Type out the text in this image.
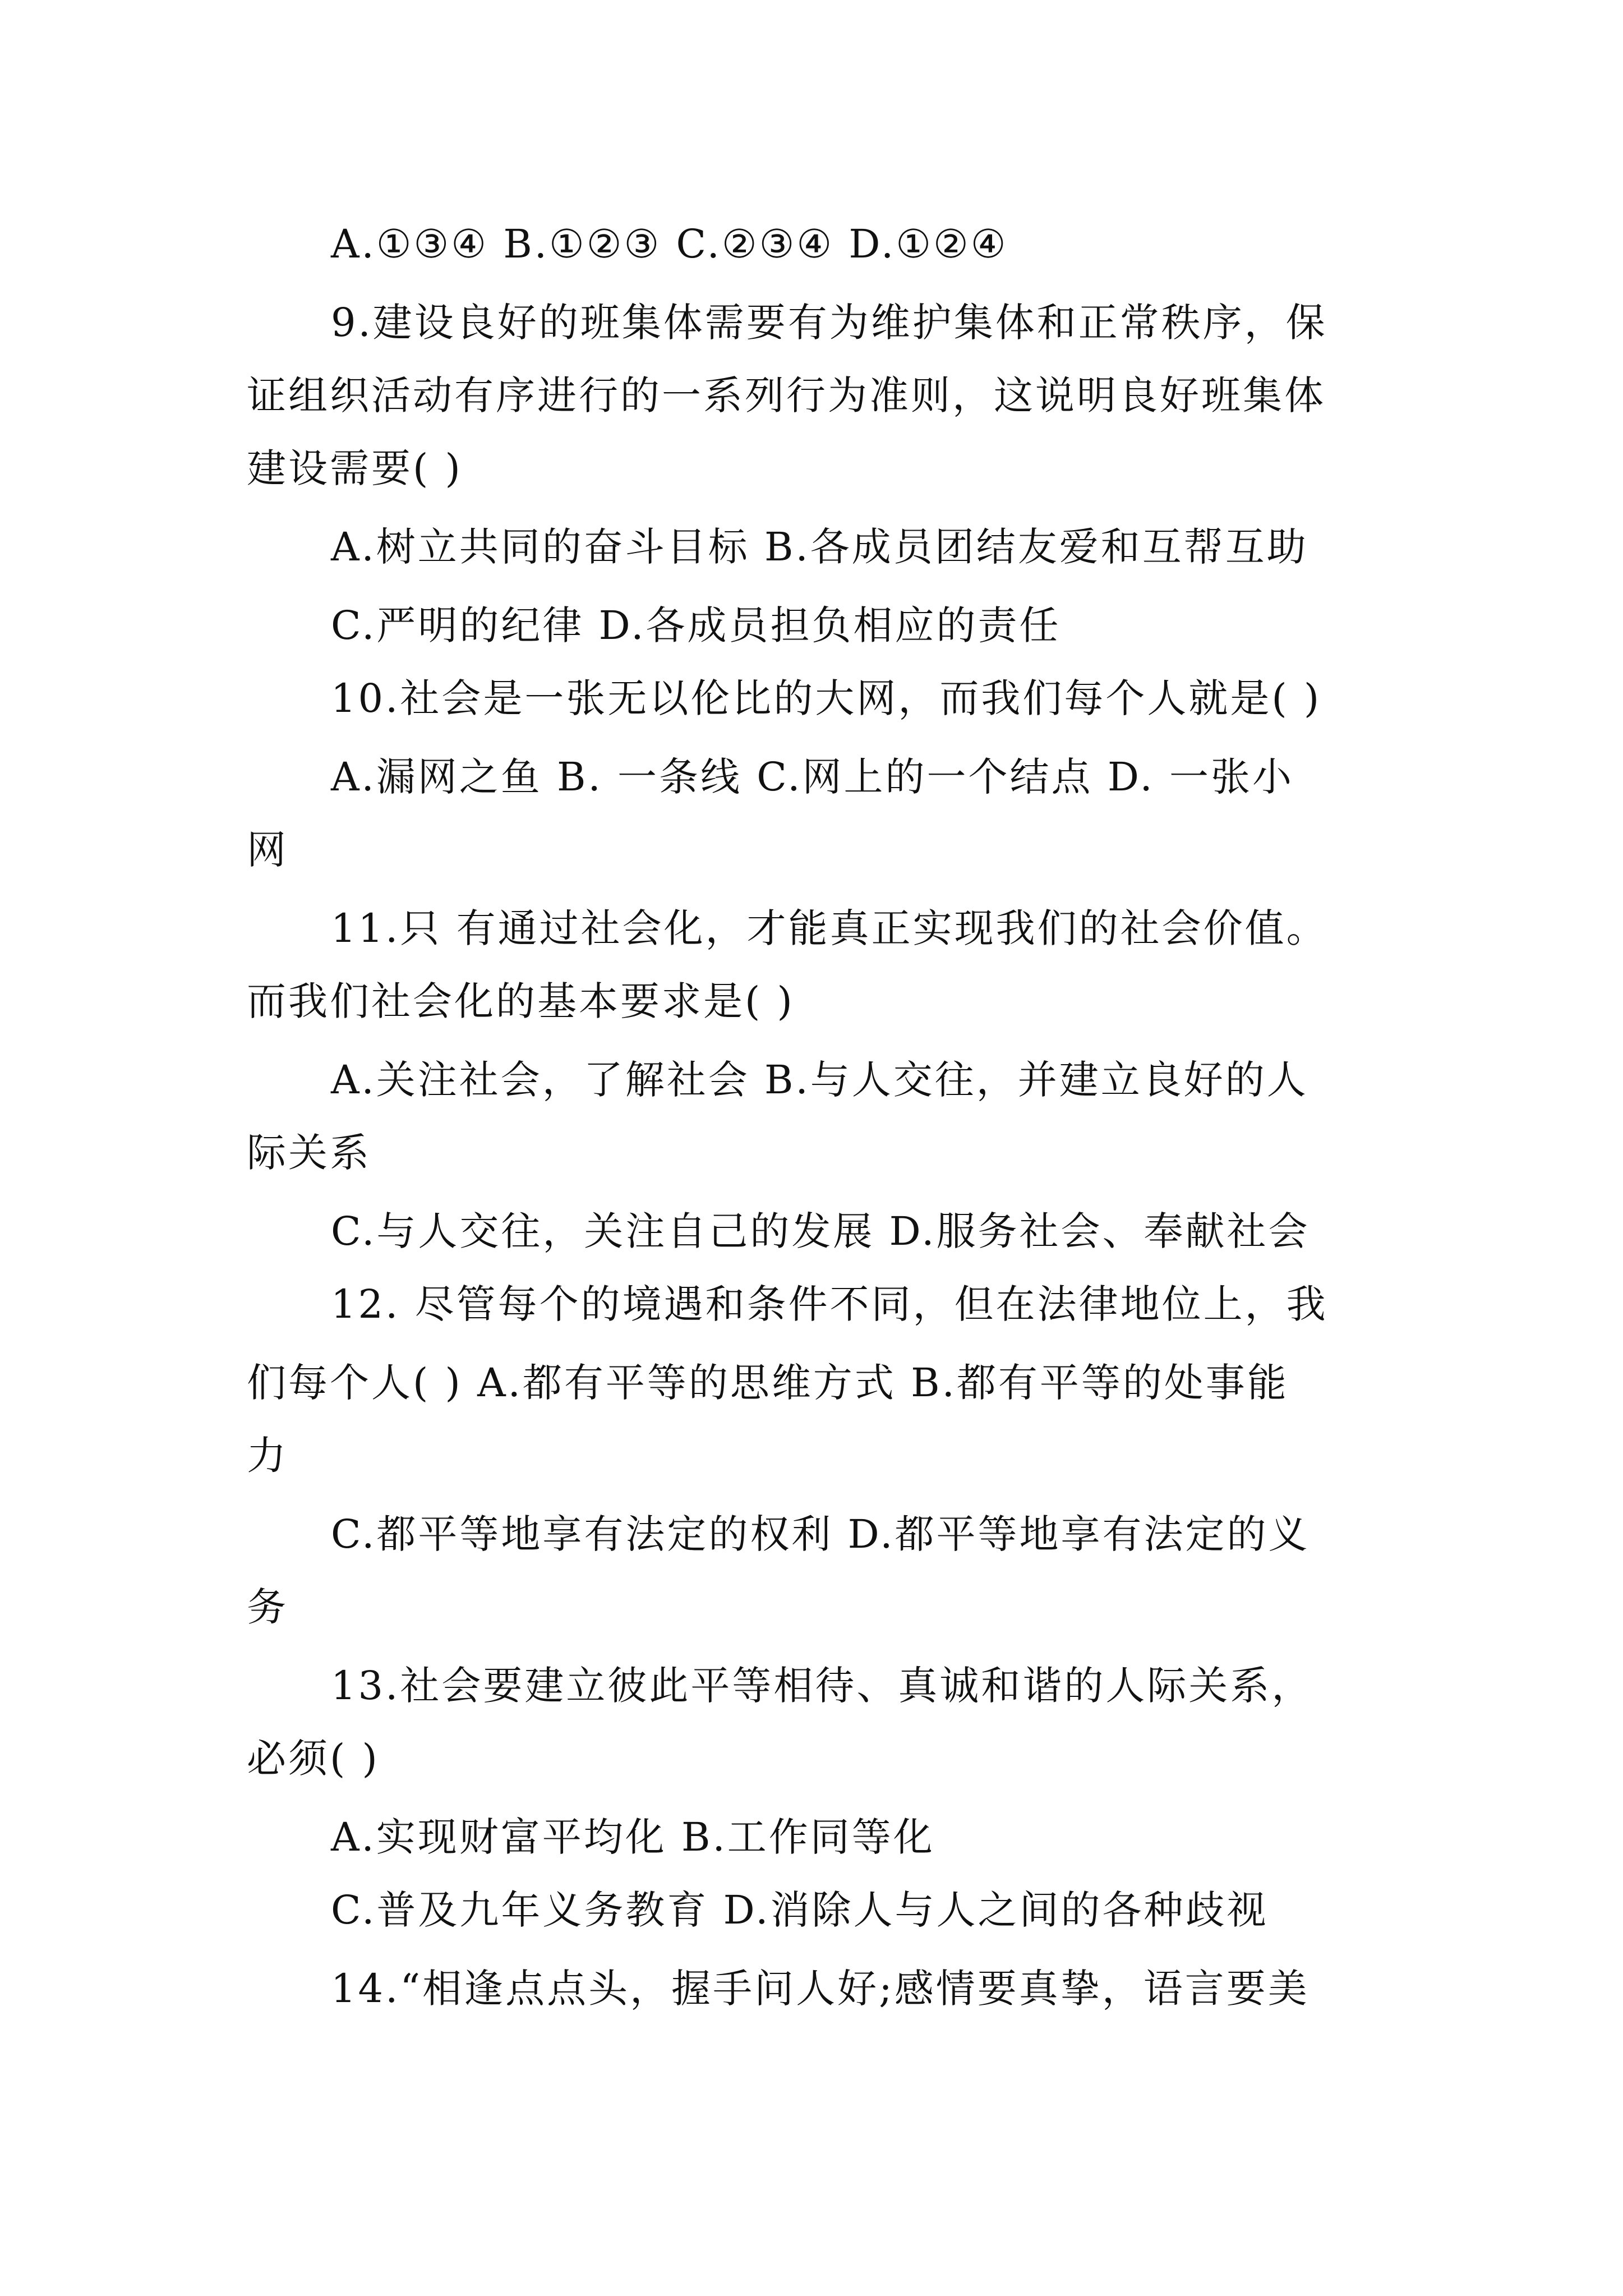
A.①③④ B.①②③ C.②③④ D.①②④
9.建设良好的班集体需要有为维护集体和正常秩序，保
证组织活动有序进行的一系列行为准则，这说明良好班集体
建设需要( )
A.树立共同的奋斗目标 B.各成员团结友爱和互帮互助
C.严明的纪律 D.各成员担负相应的责任
10.社会是一张无以伦比的大网，而我们每个人就是( )
A.漏网之鱼 B. 一条线 C.网上的一个结点 D. 一张小
网
11.只 有通过社会化，才能真正实现我们的社会价值。
而我们社会化的基本要求是( )
A.关注社会，了解社会 B.与人交往，并建立良好的人
际关系
C.与人交往，关注自己的发展 D.服务社会、奉献社会
12. 尽管每个的境遇和条件不同，但在法律地位上，我
们每个人( ) A.都有平等的思维方式 B.都有平等的处事能
力
C.都平等地享有法定的权利 D.都平等地享有法定的义
务
13.社会要建立彼此平等相待、真诚和谐的人际关系，
必须( )
A.实现财富平均化 B.工作同等化
C.普及九年义务教育 D.消除人与人之间的各种歧视
14.“相逢点点头，握手问人好;感情要真挚，语言要美
